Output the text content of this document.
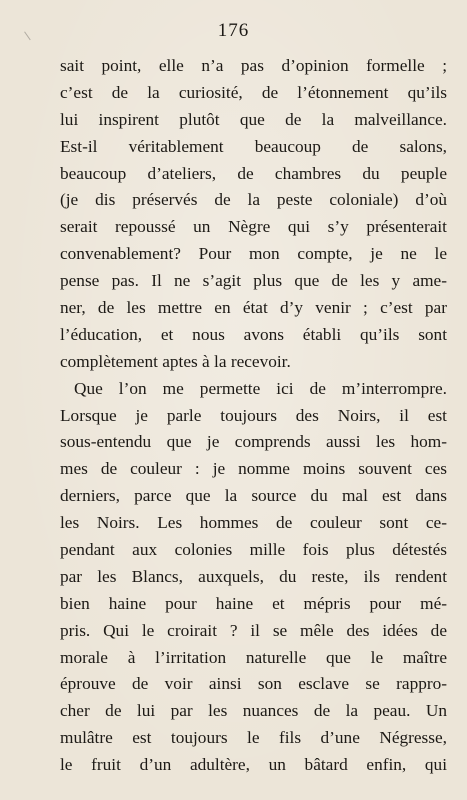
176
sait point, elle n’a pas d’opinion formelle ;
c’est de la curiosité, de l’étonnement qu’ils
lui inspirent plutôt que de la malveillance.
Est-il véritablement beaucoup de salons,
beaucoup d’ateliers, de chambres du peuple
(je dis préservés de la peste coloniale) d’où
serait repoussé un Nègre qui s’y présenterait
convenablement? Pour mon compte, je ne le
pense pas. Il ne s’agit plus que de les y ame-
ner, de les mettre en état d’y venir ; c’est par
l’éducation, et nous avons établi qu’ils sont
complètement aptes à la recevoir.
Que l’on me permette ici de m’interrompre.
Lorsque je parle toujours des Noirs, il est
sous-entendu que je comprends aussi les hom-
mes de couleur : je nomme moins souvent ces
derniers, parce que la source du mal est dans
les Noirs. Les hommes de couleur sont ce-
pendant aux colonies mille fois plus détestés
par les Blancs, auxquels, du reste, ils rendent
bien haine pour haine et mépris pour mé-
pris. Qui le croirait ? il se mêle des idées de
morale à l’irritation naturelle que le maître
éprouve de voir ainsi son esclave se rappro-
cher de lui par les nuances de la peau. Un
mulâtre est toujours le fils d’une Négresse,
le fruit d’un adultère, un bâtard enfin, qui
